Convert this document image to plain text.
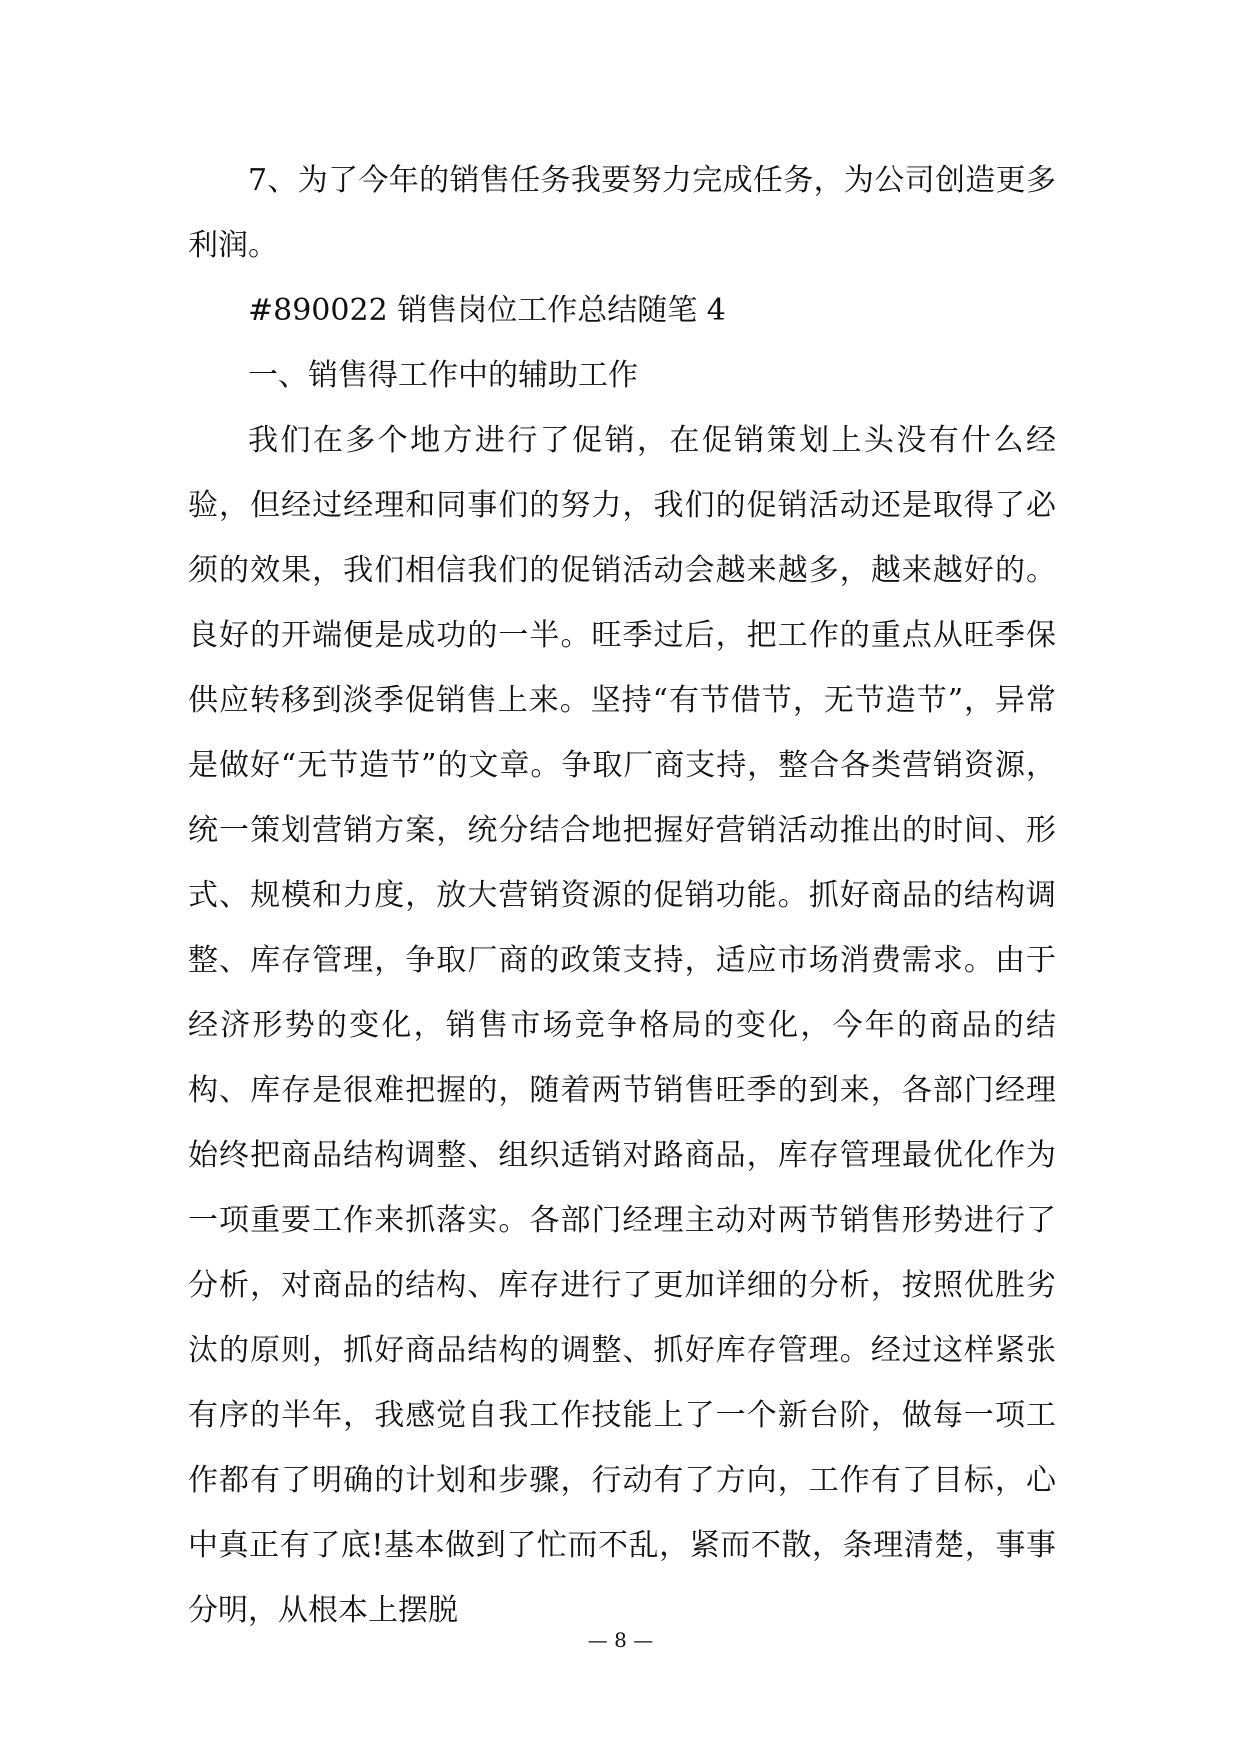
7、为了今年的销售任务我要努力完成任务，为公司创造更多利润。

#890022 销售岗位工作总结随笔 4

一、销售得工作中的辅助工作

我们在多个地方进行了促销，在促销策划上头没有什么经验，但经过经理和同事们的努力，我们的促销活动还是取得了必须的效果，我们相信我们的促销活动会越来越多，越来越好的。良好的开端便是成功的一半。旺季过后，把工作的重点从旺季保供应转移到淡季促销售上来。坚持“有节借节，无节造节”，异常是做好“无节造节”的文章。争取厂商支持，整合各类营销资源，统一策划营销方案，统分结合地把握好营销活动推出的时间、形式、规模和力度，放大营销资源的促销功能。抓好商品的结构调整、库存管理，争取厂商的政策支持，适应市场消费需求。由于经济形势的变化，销售市场竞争格局的变化，今年的商品的结构、库存是很难把握的，随着两节销售旺季的到来，各部门经理始终把商品结构调整、组织适销对路商品，库存管理最优化作为一项重要工作来抓落实。各部门经理主动对两节销售形势进行了分析，对商品的结构、库存进行了更加详细的分析，按照优胜劣汰的原则，抓好商品结构的调整、抓好库存管理。经过这样紧张有序的半年，我感觉自我工作技能上了一个新台阶，做每一项工作都有了明确的计划和步骤，行动有了方向，工作有了目标，心中真正有了底!基本做到了忙而不乱，紧而不散，条理清楚，事事分明，从根本上摆脱

— 8 —
